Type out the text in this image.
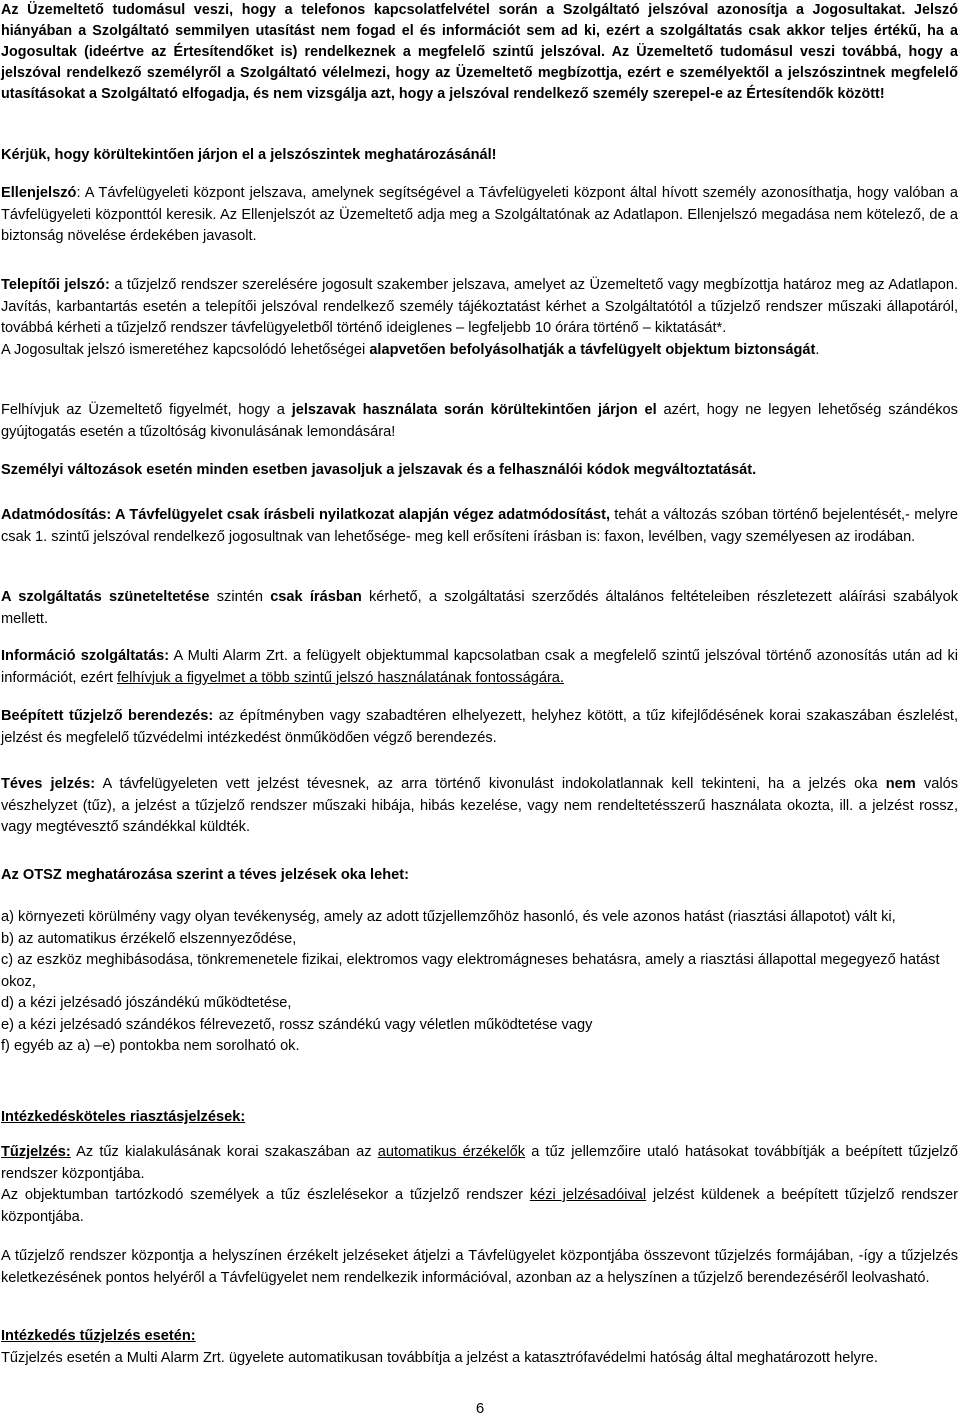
Az Üzemeltető tudomásul veszi, hogy a telefonos kapcsolatfelvétel során a Szolgáltató jelszóval azonosítja a Jogosultakat. Jelszó hiányában a Szolgáltató semmilyen utasítást nem fogad el és információt sem ad ki, ezért a szolgáltatás csak akkor teljes értékű, ha a Jogosultak (ideértve az Értesítendőket is) rendelkeznek a megfelelő szintű jelszóval. Az Üzemeltető tudomásul veszi továbbá, hogy a jelszóval rendelkező személyről a Szolgáltató vélelmezi, hogy az Üzemeltető megbízottja, ezért e személyektől a jelszószintnek megfelelő utasításokat a Szolgáltató elfogadja, és nem vizsgálja azt, hogy a jelszóval rendelkező személy szerepel-e az Értesítendők között!

Kérjük, hogy körültekintően járjon el a jelszószintek meghatározásánál!

Ellenjelszó: A Távfelügyeleti központ jelszava, amelynek segítségével a Távfelügyeleti központ által hívott személy azonosíthatja, hogy valóban a Távfelügyeleti központtól keresik. Az Ellenjelszót az Üzemeltető adja meg a Szolgáltatónak az Adatlapon. Ellenjelszó megadása nem kötelező, de a biztonság növelése érdekében javasolt.

Telepítői jelszó: a tűzjelző rendszer szerelésére jogosult szakember jelszava, amelyet az Üzemeltető vagy megbízottja határoz meg az Adatlapon. Javítás, karbantartás esetén a telepítői jelszóval rendelkező személy tájékoztatást kérhet a Szolgáltatótól a tűzjelző rendszer műszaki állapotáról, továbbá kérheti a tűzjelző rendszer távfelügyeletből történő ideiglenes – legfeljebb 10 órára történő – kiktatását*.
A Jogosultak jelszó ismeretéhez kapcsolódó lehetőségei alapvetően befolyásolhatják a távfelügyelt objektum biztonságát.

Felhívjuk az Üzemeltető figyelmét, hogy a jelszavak használata során körültekintően járjon el azért, hogy ne legyen lehetőség szándékos gyújtogatás esetén a tűzoltóság kivonulásának lemondására!

Személyi változások esetén minden esetben javasoljuk a jelszavak és a felhasználói kódok megváltoztatását.

Adatmódosítás: A Távfelügyelet csak írásbeli nyilatkozat alapján végez adatmódosítást, tehát a változás szóban történő bejelentését,- melyre csak 1. szintű jelszóval rendelkező jogosultnak van lehetősége- meg kell erősíteni írásban is: faxon, levélben, vagy személyesen az irodában.

A szolgáltatás szüneteltetése szintén csak írásban kérhető, a szolgáltatási szerződés általános feltételeiben részletezett aláírási szabályok mellett.

Információ szolgáltatás: A Multi Alarm Zrt. a felügyelt objektummal kapcsolatban csak a megfelelő szintű jelszóval történő azonosítás után ad ki információt, ezért felhívjuk a figyelmet a több szintű jelszó használatának fontosságára.

Beépített tűzjelző berendezés: az építményben vagy szabadtéren elhelyezett, helyhez kötött, a tűz kifejlődésének korai szakaszában észlelést, jelzést és megfelelő tűzvédelmi intézkedést önműködően végző berendezés.

Téves jelzés: A távfelügyeleten vett jelzést tévesnek, az arra történő kivonulást indokolatlannak kell tekinteni, ha a jelzés oka nem valós vészhelyzet (tűz), a jelzést a tűzjelző rendszer műszaki hibája, hibás kezelése, vagy nem rendeltetésszerű használata okozta, ill. a jelzést rossz, vagy megtévesztő szándékkal küldték.

Az OTSZ meghatározása szerint a téves jelzések oka lehet:

a) környezeti körülmény vagy olyan tevékenység, amely az adott tűzjellemzőhöz hasonló, és vele azonos hatást (riasztási állapotot) vált ki,
b) az automatikus érzékelő elszennyeződése,
c) az eszköz meghibásodása, tönkremenetele fizikai, elektromos vagy elektromágneses behatásra, amely a riasztási állapottal megegyező hatást okoz,
d) a kézi jelzésadó jószándékú működtetése,
e) a kézi jelzésadó szándékos félrevezető, rossz szándékú vagy véletlen működtetése vagy
f) egyéb az a) –e) pontokba nem sorolható ok.

Intézkedésköteles riasztásjelzések:

Tűzjelzés: Az tűz kialakulásának korai szakaszában az automatikus érzékelők a tűz jellemzőire utaló hatásokat továbbítják a beépített tűzjelző rendszer központjába.
Az objektumban tartózkodó személyek a tűz észlelésekor a tűzjelző rendszer kézi jelzésadóival jelzést küldenek a beépített tűzjelző rendszer központjába.

A tűzjelző rendszer központja a helyszínen érzékelt jelzéseket átjelzi a Távfelügyelet központjába összevont tűzjelzés formájában, -így a tűzjelzés keletkezésének pontos helyéről a Távfelügyelet nem rendelkezik információval, azonban az a helyszínen a tűzjelző berendezéséről leolvasható.

Intézkedés tűzjelzés esetén:
Tűzjelzés esetén a Multi Alarm Zrt. ügyelete automatikusan továbbítja a jelzést a katasztrófavédelmi hatóság által meghatározott helyre.
6
